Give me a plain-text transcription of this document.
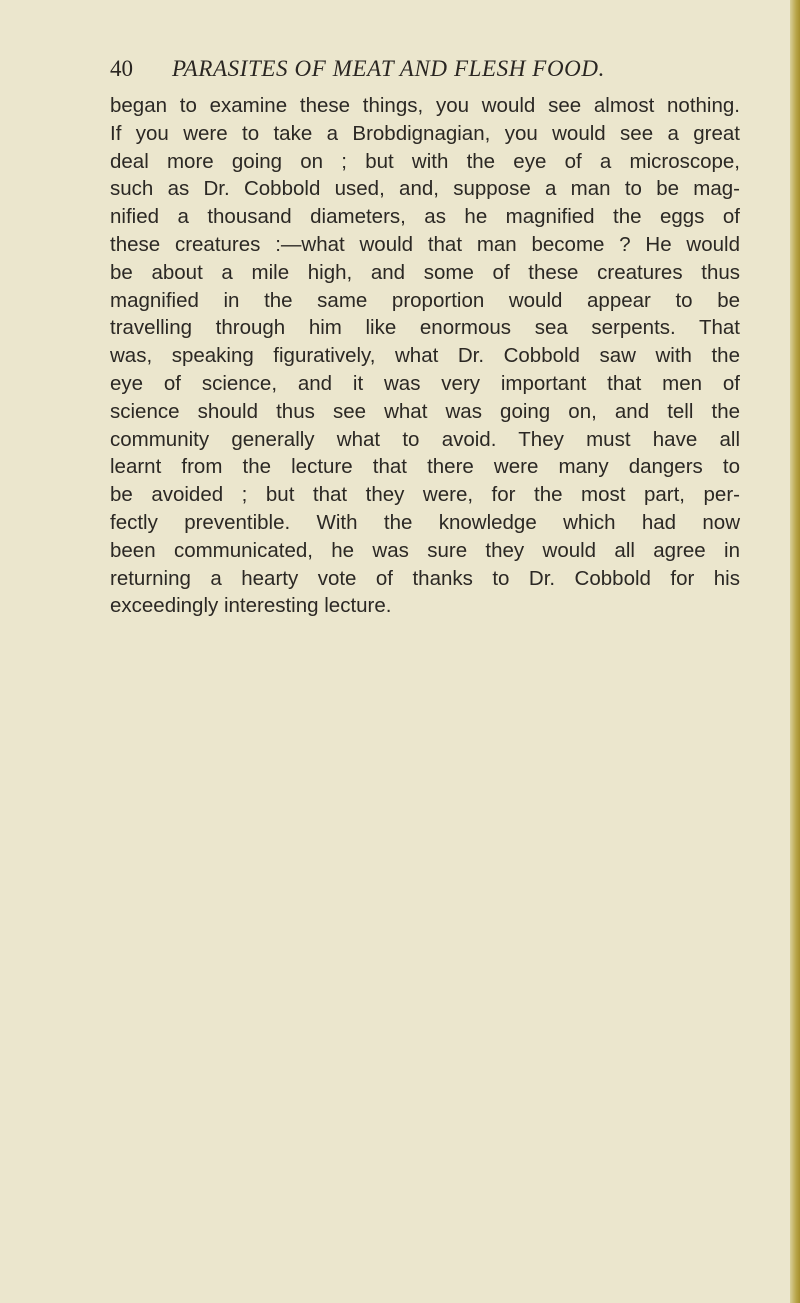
40 PARASITES OF MEAT AND FLESH FOOD.
began to examine these things, you would see almost nothing.
If you were to take a Brobdignagian, you would see a great
deal more going on ; but with the eye of a microscope,
such as Dr. Cobbold used, and, suppose a man to be mag-
nified a thousand diameters, as he magnified the eggs of
these creatures :—what would that man become ? He would
be about a mile high, and some of these creatures thus
magnified in the same proportion would appear to be
travelling through him like enormous sea serpents. That
was, speaking figuratively, what Dr. Cobbold saw with the
eye of science, and it was very important that men of
science should thus see what was going on, and tell the
community generally what to avoid. They must have all
learnt from the lecture that there were many dangers to
be avoided ; but that they were, for the most part, per-
fectly preventible. With the knowledge which had now
been communicated, he was sure they would all agree in
returning a hearty vote of thanks to Dr. Cobbold for his
exceedingly interesting lecture.
